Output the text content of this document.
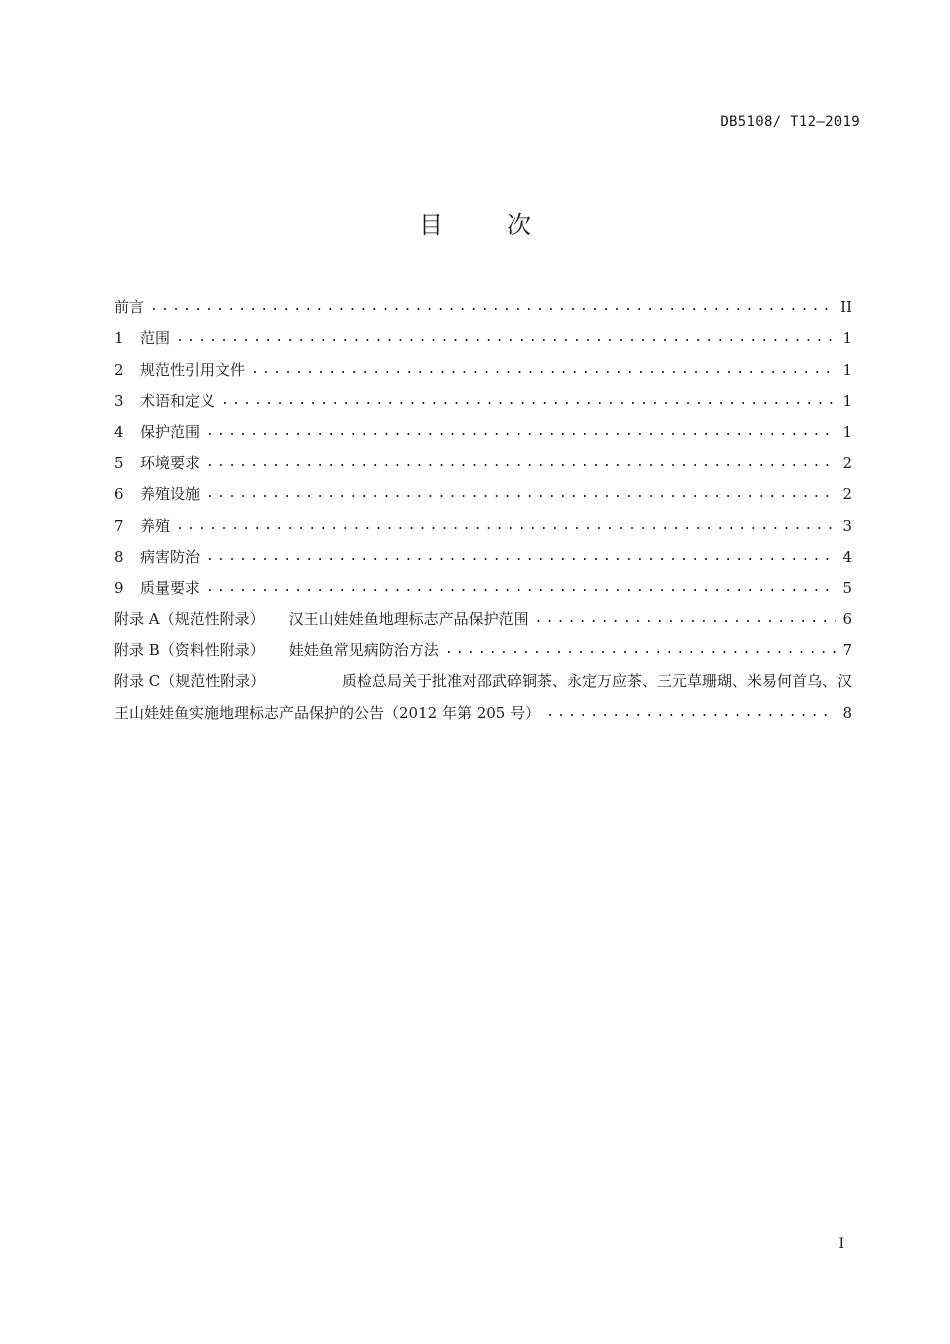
DB5108/ T12—2019
目　次
前言 .....	II
1	范围 .....	1
2	规范性引用文件 .....	1
3	术语和定义 .....	1
4	保护范围 .....	1
5	环境要求 .....	2
6	养殖设施 .....	2
7	养殖 .....	3
8	病害防治 .....	4
9	质量要求 .....	5
附录 A（规范性附录） 汉王山娃娃鱼地理标志产品保护范围 .....	6
附录 B（资料性附录） 娃娃鱼常见病防治方法 .....	7
附录 C（规范性附录）	质检总局关于批准对邵武碎铜茶、永定万应茶、三元草珊瑚、米易何首乌、汉
王山娃娃鱼实施地理标志产品保护的公告（2012 年第 205 号） .....	8
I
